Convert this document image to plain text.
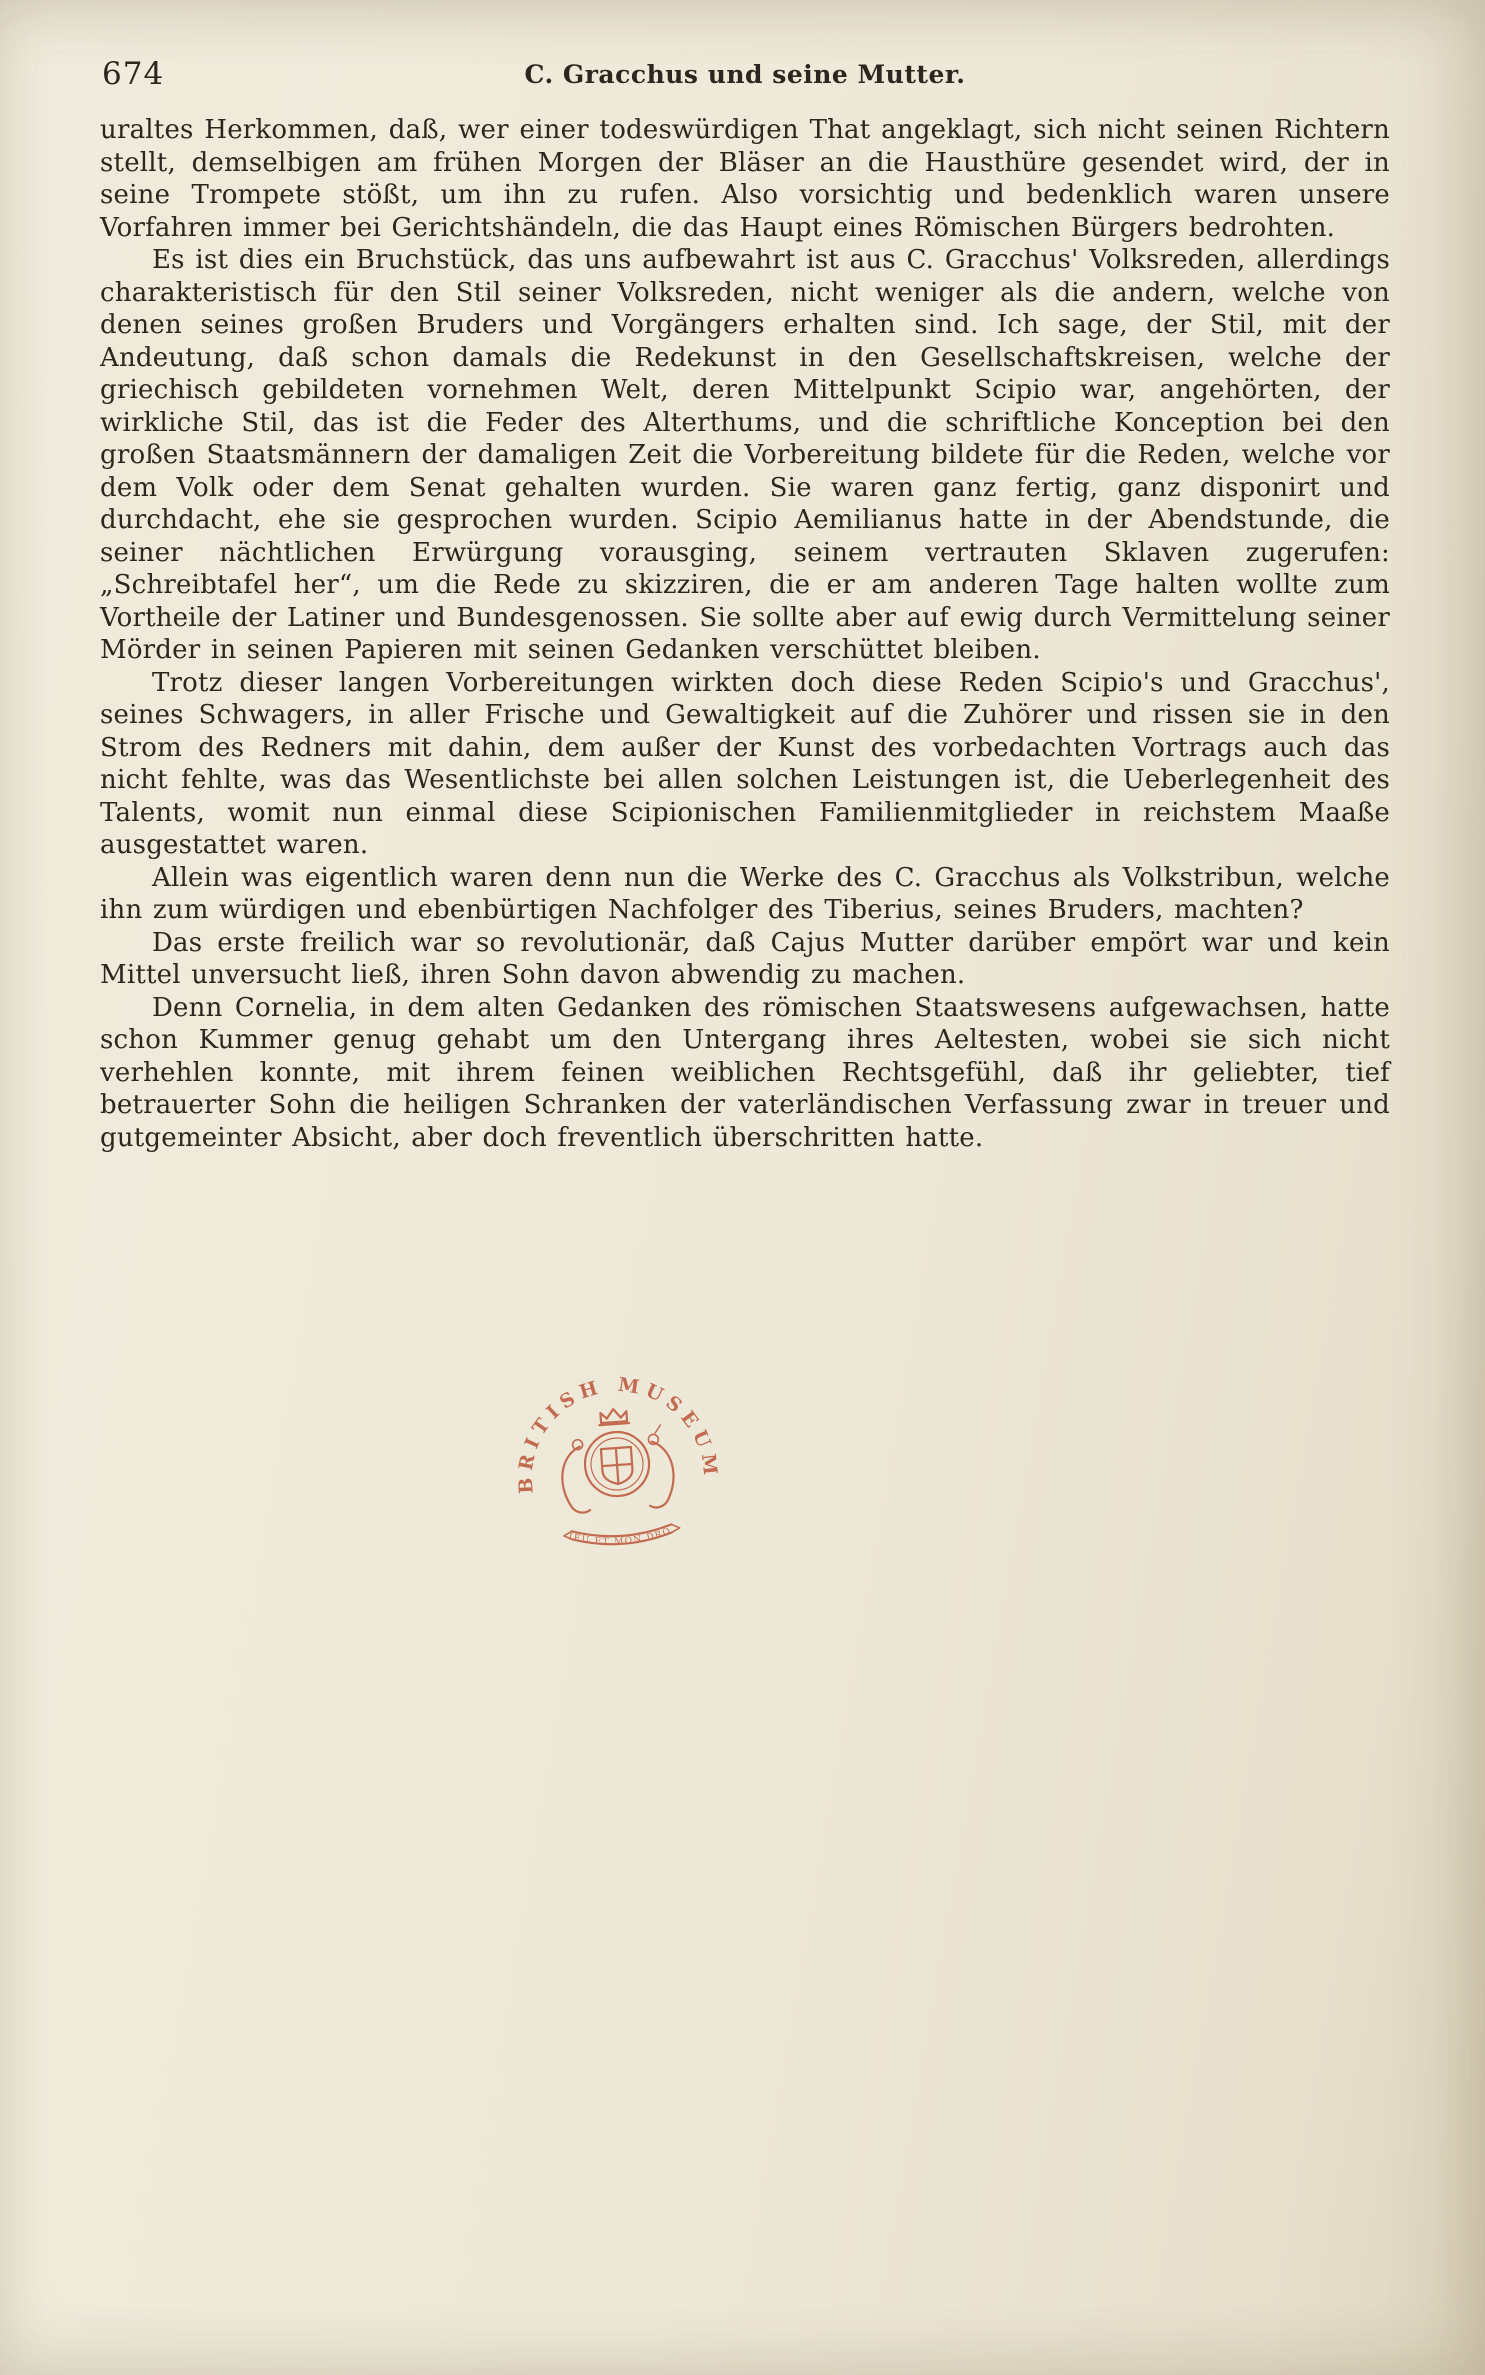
674	C. Gracchus und seine Mutter.

uraltes Herkommen, daß, wer einer todeswürdigen That angeklagt, sich nicht seinen Richtern stellt, demselbigen am frühen Morgen der Bläser an die Hausthüre gesendet wird, der in seine Trompete stößt, um ihn zu rufen. Also vorsichtig und bedenklich waren unsere Vorfahren immer bei Gerichtshändeln, die das Haupt eines Römischen Bürgers bedrohten.

Es ist dies ein Bruchstück, das uns aufbewahrt ist aus C. Gracchus' Volksreden, allerdings charakteristisch für den Stil seiner Volksreden, nicht weniger als die andern, welche von denen seines großen Bruders und Vorgängers erhalten sind. Ich sage, der Stil, mit der Andeutung, daß schon damals die Redekunst in den Gesellschaftskreisen, welche der griechisch gebildeten vornehmen Welt, deren Mittelpunkt Scipio war, angehörten, der wirkliche Stil, das ist die Feder des Alterthums, und die schriftliche Konception bei den großen Staatsmännern der damaligen Zeit die Vorbereitung bildete für die Reden, welche vor dem Volk oder dem Senat gehalten wurden. Sie waren ganz fertig, ganz disponirt und durchdacht, ehe sie gesprochen wurden. Scipio Aemilianus hatte in der Abendstunde, die seiner nächtlichen Erwürgung vorausging, seinem vertrauten Sklaven zugerufen: „Schreibtafel her“, um die Rede zu skizziren, die er am anderen Tage halten wollte zum Vortheile der Latiner und Bundesgenossen. Sie sollte aber auf ewig durch Vermittelung seiner Mörder in seinen Papieren mit seinen Gedanken verschüttet bleiben.

Trotz dieser langen Vorbereitungen wirkten doch diese Reden Scipio's und Gracchus', seines Schwagers, in aller Frische und Gewaltigkeit auf die Zuhörer und rissen sie in den Strom des Redners mit dahin, dem außer der Kunst des vorbedachten Vortrags auch das nicht fehlte, was das Wesentlichste bei allen solchen Leistungen ist, die Ueberlegenheit des Talents, womit nun einmal diese Scipionischen Familienmitglieder in reichstem Maaße ausgestattet waren.

Allein was eigentlich waren denn nun die Werke des C. Gracchus als Volkstribun, welche ihn zum würdigen und ebenbürtigen Nachfolger des Tiberius, seines Bruders, machten?

Das erste freilich war so revolutionär, daß Cajus Mutter darüber empört war und kein Mittel unversucht ließ, ihren Sohn davon abwendig zu machen.

Denn Cornelia, in dem alten Gedanken des römischen Staatswesens aufgewachsen, hatte schon Kummer genug gehabt um den Untergang ihres Aeltesten, wobei sie sich nicht verhehlen konnte, mit ihrem feinen weiblichen Rechtsgefühl, daß ihr geliebter, tief betrauerter Sohn die heiligen Schranken der vaterländischen Verfassung zwar in treuer und gutgemeinter Absicht, aber doch freventlich überschritten hatte.

BRITISH MUSEUM
DIEU ET MON DROIT
